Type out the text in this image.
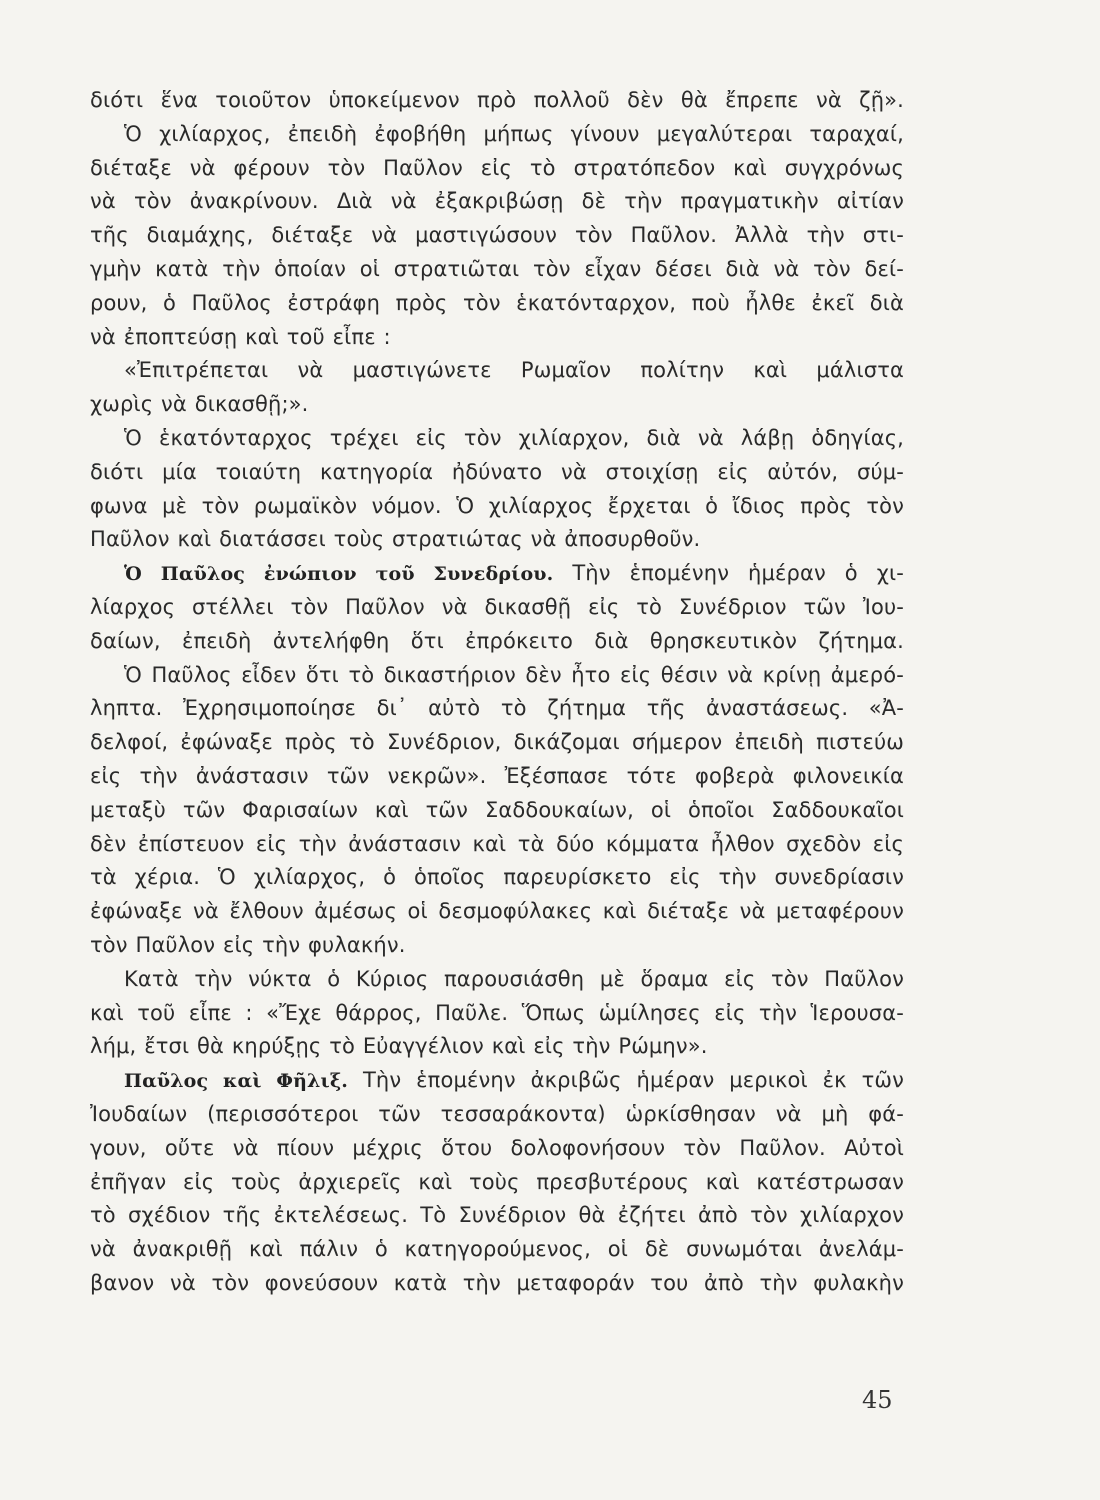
διότι ἕνα τοιοῦτον ὑποκείμενον πρὸ πολλοῦ δὲν θὰ ἔπρεπε νὰ ζῇ».
Ὁ χιλίαρχος, ἐπειδὴ ἐφοβήθη μήπως γίνουν μεγαλύτεραι ταραχαί,
διέταξε νὰ φέρουν τὸν Παῦλον εἰς τὸ στρατόπεδον καὶ συγχρόνως
νὰ τὸν ἀνακρίνουν. Διὰ νὰ ἐξακριβώσῃ δὲ τὴν πραγματικὴν αἰτίαν
τῆς διαμάχης, διέταξε νὰ μαστιγώσουν τὸν Παῦλον. Ἀλλὰ τὴν στι-
γμὴν κατὰ τὴν ὁποίαν οἱ στρατιῶται τὸν εἶχαν δέσει διὰ νὰ τὸν δεί-
ρουν, ὁ Παῦλος ἐστράφη πρὸς τὸν ἑκατόνταρχον, ποὺ ἦλθε ἐκεῖ διὰ
νὰ ἐποπτεύσῃ καὶ τοῦ εἶπε :
«Ἐπιτρέπεται νὰ μαστιγώνετε Ρωμαῖον πολίτην καὶ μάλιστα
χωρὶς νὰ δικασθῇ;».
Ὁ ἑκατόνταρχος τρέχει εἰς τὸν χιλίαρχον, διὰ νὰ λάβῃ ὁδηγίας,
διότι μία τοιαύτη κατηγορία ἠδύνατο νὰ στοιχίσῃ εἰς αὐτόν, σύμ-
φωνα μὲ τὸν ρωμαϊκὸν νόμον. Ὁ χιλίαρχος ἔρχεται ὁ ἴδιος πρὸς τὸν
Παῦλον καὶ διατάσσει τοὺς στρατιώτας νὰ ἀποσυρθοῦν.
Ὁ Παῦλος ἐνώπιον τοῦ Συνεδρίου. Τὴν ἑπομένην ἡμέραν ὁ χι-
λίαρχος στέλλει τὸν Παῦλον νὰ δικασθῇ εἰς τὸ Συνέδριον τῶν Ἰου-
δαίων, ἐπειδὴ ἀντελήφθη ὅτι ἐπρόκειτο διὰ θρησκευτικὸν ζήτημα.
Ὁ Παῦλος εἶδεν ὅτι τὸ δικαστήριον δὲν ἦτο εἰς θέσιν νὰ κρίνῃ ἀμερό-
ληπτα. Ἐχρησιμοποίησε δι᾿ αὐτὸ τὸ ζήτημα τῆς ἀναστάσεως. «Ἀ-
δελφοί, ἐφώναξε πρὸς τὸ Συνέδριον, δικάζομαι σήμερον ἐπειδὴ πιστεύω
εἰς τὴν ἀνάστασιν τῶν νεκρῶν». Ἐξέσπασε τότε φοβερὰ φιλονεικία
μεταξὺ τῶν Φαρισαίων καὶ τῶν Σαδδουκαίων, οἱ ὁποῖοι Σαδδουκαῖοι
δὲν ἐπίστευον εἰς τὴν ἀνάστασιν καὶ τὰ δύο κόμματα ἦλθον σχεδὸν εἰς
τὰ χέρια. Ὁ χιλίαρχος, ὁ ὁποῖος παρευρίσκετο εἰς τὴν συνεδρίασιν
ἐφώναξε νὰ ἔλθουν ἀμέσως οἱ δεσμοφύλακες καὶ διέταξε νὰ μεταφέρουν
τὸν Παῦλον εἰς τὴν φυλακήν.
Κατὰ τὴν νύκτα ὁ Κύριος παρουσιάσθη μὲ ὅραμα εἰς τὸν Παῦλον
καὶ τοῦ εἶπε : «Ἔχε θάρρος, Παῦλε. Ὅπως ὡμίλησες εἰς τὴν Ἱερουσα-
λήμ, ἔτσι θὰ κηρύξῃς τὸ Εὐαγγέλιον καὶ εἰς τὴν Ρώμην».
Παῦλος καὶ Φῆλιξ. Τὴν ἑπομένην ἀκριβῶς ἡμέραν μερικοὶ ἐκ τῶν
Ἰουδαίων (περισσότεροι τῶν τεσσαράκοντα) ὡρκίσθησαν νὰ μὴ φά-
γουν, οὔτε νὰ πίουν μέχρις ὅτου δολοφονήσουν τὸν Παῦλον. Αὐτοὶ
ἐπῆγαν εἰς τοὺς ἀρχιερεῖς καὶ τοὺς πρεσβυτέρους καὶ κατέστρωσαν
τὸ σχέδιον τῆς ἐκτελέσεως. Τὸ Συνέδριον θὰ ἐζήτει ἀπὸ τὸν χιλίαρχον
νὰ ἀνακριθῇ καὶ πάλιν ὁ κατηγορούμενος, οἱ δὲ συνωμόται ἀνελάμ-
βανον νὰ τὸν φονεύσουν κατὰ τὴν μεταφοράν του ἀπὸ τὴν φυλακὴν
45
